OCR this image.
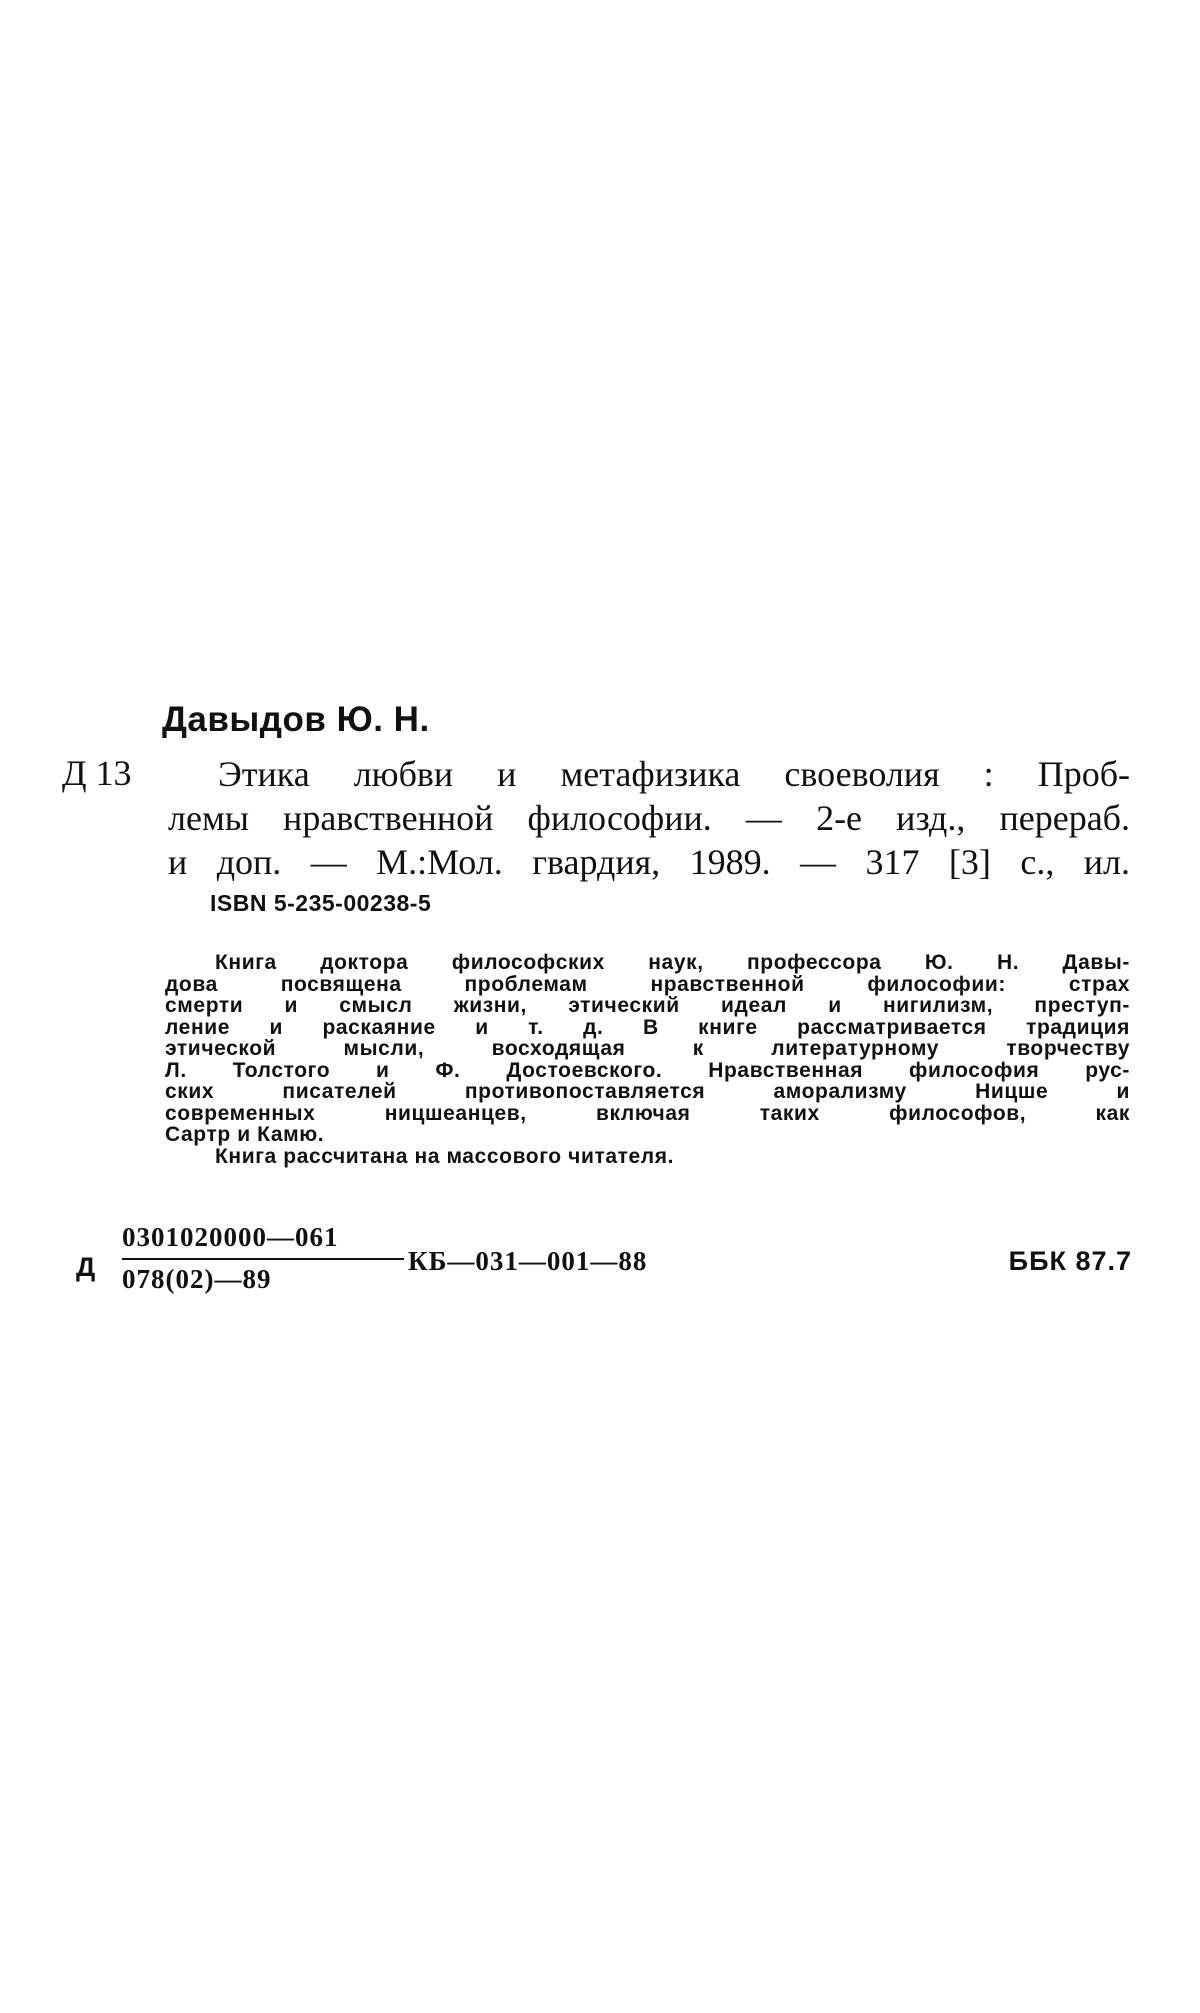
Давыдов Ю. Н.
Д 13	Этика любви и метафизика своеволия : Проб-
лемы нравственной философии. — 2-е изд., перераб.
и доп. — М.:Мол. гвардия, 1989. — 317 [3] с., ил.
ISBN 5-235-00238-5
Книга доктора философских наук, профессора Ю. Н. Давы-
дова посвящена проблемам нравственной философии: страх
смерти и смысл жизни, этический идеал и нигилизм, преступ-
ление и раскаяние и т. д. В книге рассматривается традиция
этической мысли, восходящая к литературному творчеству
Л. Толстого и Ф. Достоевского. Нравственная философия рус-
ских писателей противопоставляется аморализму Ницше и
современных ницшеанцев, включая таких философов, как
Сартр и Камю.
Книга рассчитана на массового читателя.
Д
0301020000—061
078(02)—89
КБ—031—001—88	ББК 87.7
